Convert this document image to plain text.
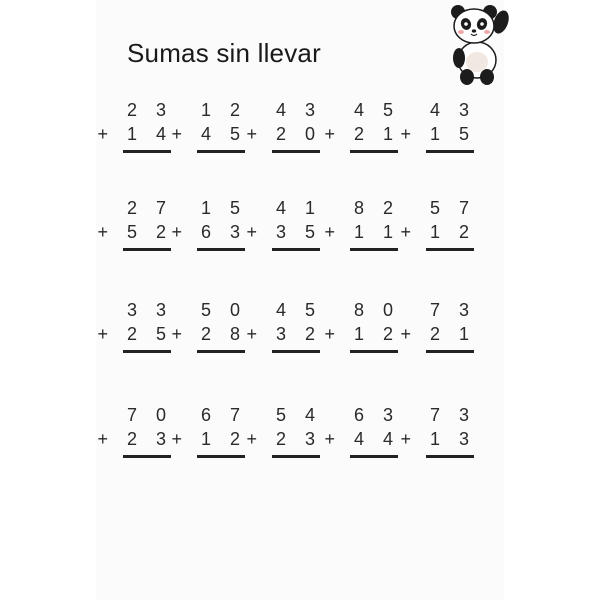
Sumas sin llevar
2 3
+ 1 4
1 2
+ 4 5
4 3
+ 2 0
4 5
+ 2 1
4 3
+ 1 5
2 7
+ 5 2
1 5
+ 6 3
4 1
+ 3 5
8 2
+ 1 1
5 7
+ 1 2
3 3
+ 2 5
5 0
+ 2 8
4 5
+ 3 2
8 0
+ 1 2
7 3
+ 2 1
7 0
+ 2 3
6 7
+ 1 2
5 4
+ 2 3
6 3
+ 4 4
7 3
+ 1 3
